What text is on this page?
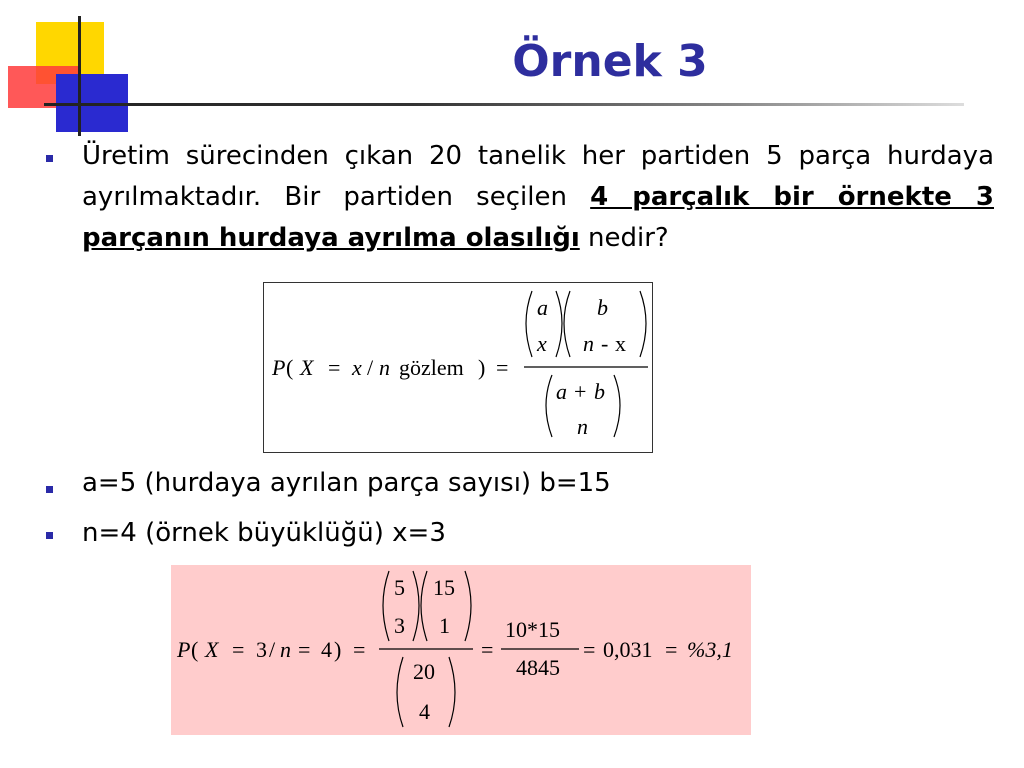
Örnek 3
Üretim sürecinden çıkan 20 tanelik her partiden 5 parça hurdaya ayrılmaktadır. Bir partiden seçilen 4 parçalık bir örnekte 3 parçanın hurdaya ayrılma olasılığı nedir?
P ( X = x / n gözlem ) =
a
x
b
n - x
a + b
n
a=5 (hurdaya ayrılan parça sayısı) b=15
n=4 (örnek büyüklüğü) x=3
P ( X = 3 / n = 4 ) =
5
3
15
1
20
4
=
10*15
4845
= 0,031 = %3,1
